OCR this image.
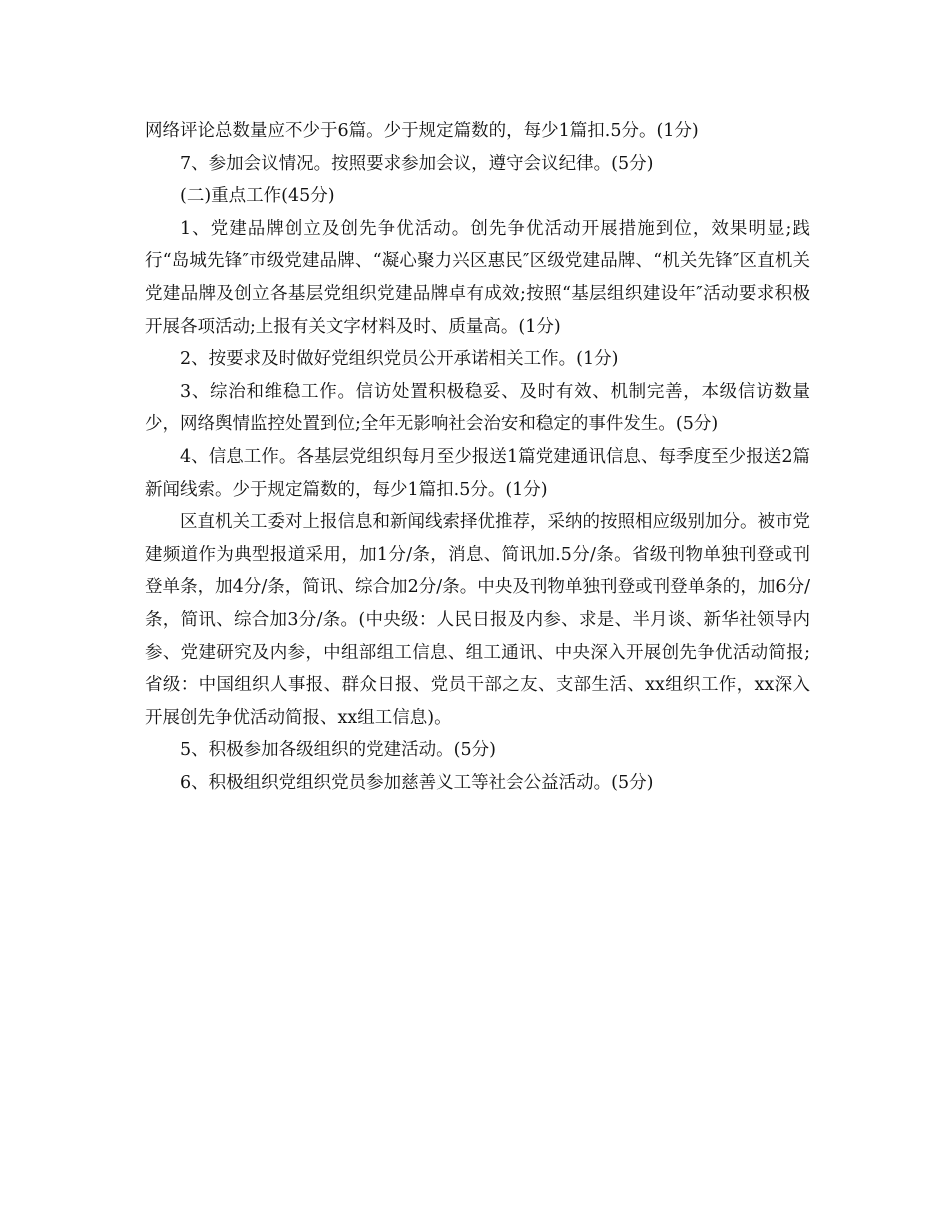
网络评论总数量应不少于6篇。少于规定篇数的，每少1篇扣.5分。(1分)

7、参加会议情况。按照要求参加会议，遵守会议纪律。(5分)

(二)重点工作(45分)

1、党建品牌创立及创先争优活动。创先争优活动开展措施到位，效果明显;践行“岛城先锋″市级党建品牌、“凝心聚力兴区惠民″区级党建品牌、“机关先锋″区直机关党建品牌及创立各基层党组织党建品牌卓有成效;按照“基层组织建设年″活动要求积极开展各项活动;上报有关文字材料及时、质量高。(1分)

2、按要求及时做好党组织党员公开承诺相关工作。(1分)

3、综治和维稳工作。信访处置积极稳妥、及时有效、机制完善，本级信访数量少，网络舆情监控处置到位;全年无影响社会治安和稳定的事件发生。(5分)

4、信息工作。各基层党组织每月至少报送1篇党建通讯信息、每季度至少报送2篇新闻线索。少于规定篇数的，每少1篇扣.5分。(1分)

区直机关工委对上报信息和新闻线索择优推荐，采纳的按照相应级别加分。被市党建频道作为典型报道采用，加1分/条，消息、简讯加.5分/条。省级刊物单独刊登或刊登单条，加4分/条，简讯、综合加2分/条。中央及刊物单独刊登或刊登单条的，加6分/条，简讯、综合加3分/条。(中央级：人民日报及内参、求是、半月谈、新华社领导内参、党建研究及内参，中组部组工信息、组工通讯、中央深入开展创先争优活动简报;省级：中国组织人事报、群众日报、党员干部之友、支部生活、xx组织工作，xx深入开展创先争优活动简报、xx组工信息)。

5、积极参加各级组织的党建活动。(5分)

6、积极组织党组织党员参加慈善义工等社会公益活动。(5分)
